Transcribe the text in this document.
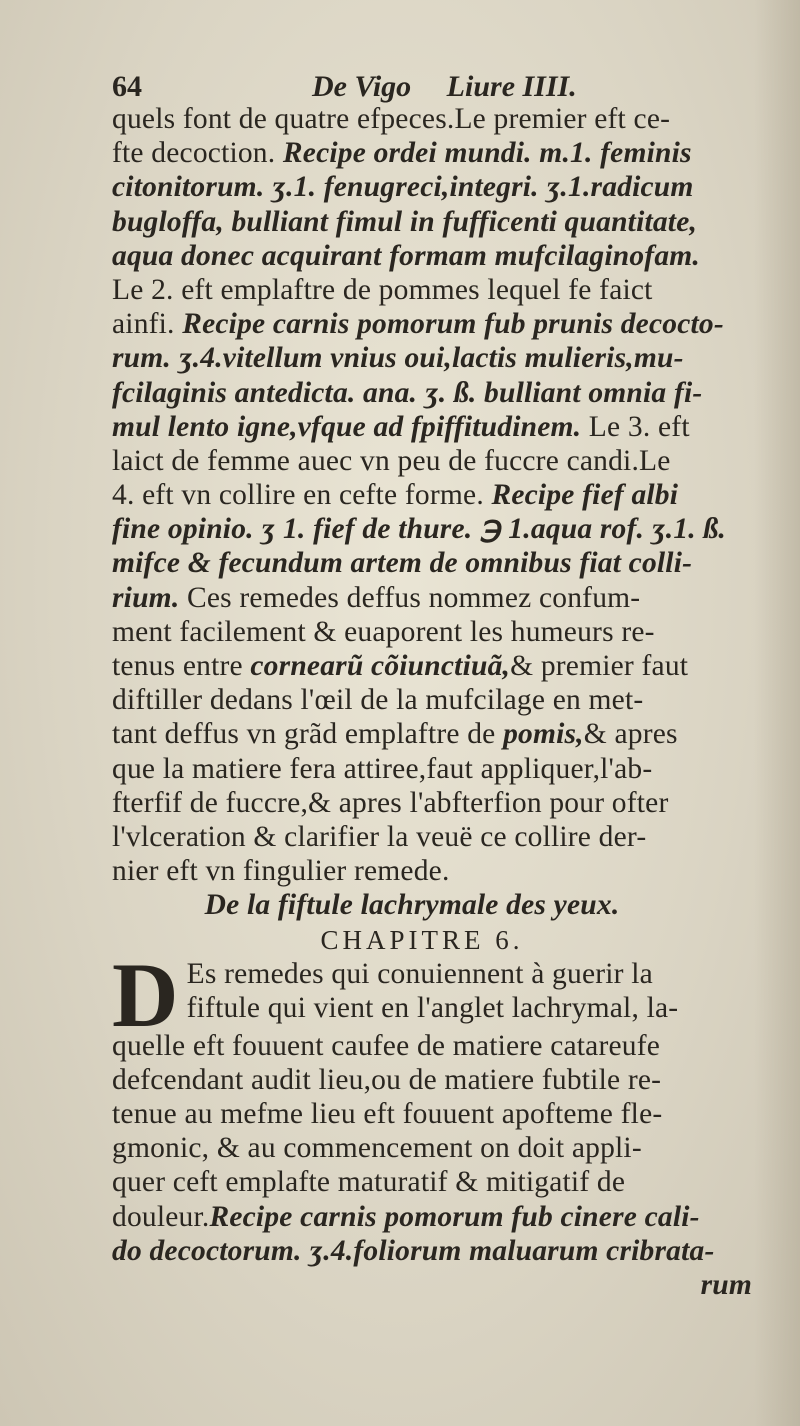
64	De Vigo Liure IIII.
quels font de quatre efpeces.Le premier eft ce-
fte decoction. Recipe ordei mundi. m.1. feminis
citonitorum. ʒ.1. fenugreci,integri. ʒ.1.radicum
bugloffa, bulliant fimul in fufficenti quantitate,
aqua donec acquirant formam mufcilaginofam.
Le 2. eft emplaftre de pommes lequel fe faict
ainfi. Recipe carnis pomorum fub prunis decocto-
rum. ʒ.4.vitellum vnius oui,lactis mulieris,mu-
fcilaginis antedicta. ana. ʒ. ß. bulliant omnia fi-
mul lento igne,vfque ad fpiffitudinem. Le 3. eft
laict de femme auec vn peu de fuccre candi.Le
4. eft vn collire en cefte forme. Recipe fief albi
fine opinio. ʒ 1. fief de thure. ℈ 1.aqua rof. ʒ.1. ß.
mifce & fecundum artem de omnibus fiat colli-
rium. Ces remedes deffus nommez confum-
ment facilement & euaporent les humeurs re-
tenus entre cornearũ cõiunctiuã,& premier faut
diftiller dedans l'œil de la mufcilage en met-
tant deffus vn grãd emplaftre de pomis,& apres
que la matiere fera attiree,faut appliquer,l'ab-
fterfif de fuccre,& apres l'abfterfion pour ofter
l'vlceration & clarifier la veuë ce collire der-
nier eft vn fingulier remede.
De la fiftule lachrymale des yeux.
CHAPITRE 6.
D Es remedes qui conuiennent à guerir la
fiftule qui vient en l'anglet lachrymal, la-
quelle eft fouuent caufee de matiere catareufe
defcendant audit lieu,ou de matiere fubtile re-
tenue au mefme lieu eft fouuent apofteme fle-
gmonic, & au commencement on doit appli-
quer ceft emplafte maturatif & mitigatif de
douleur.Recipe carnis pomorum fub cinere cali-
do decoctorum. ʒ.4.foliorum maluarum cribrata-
rum
